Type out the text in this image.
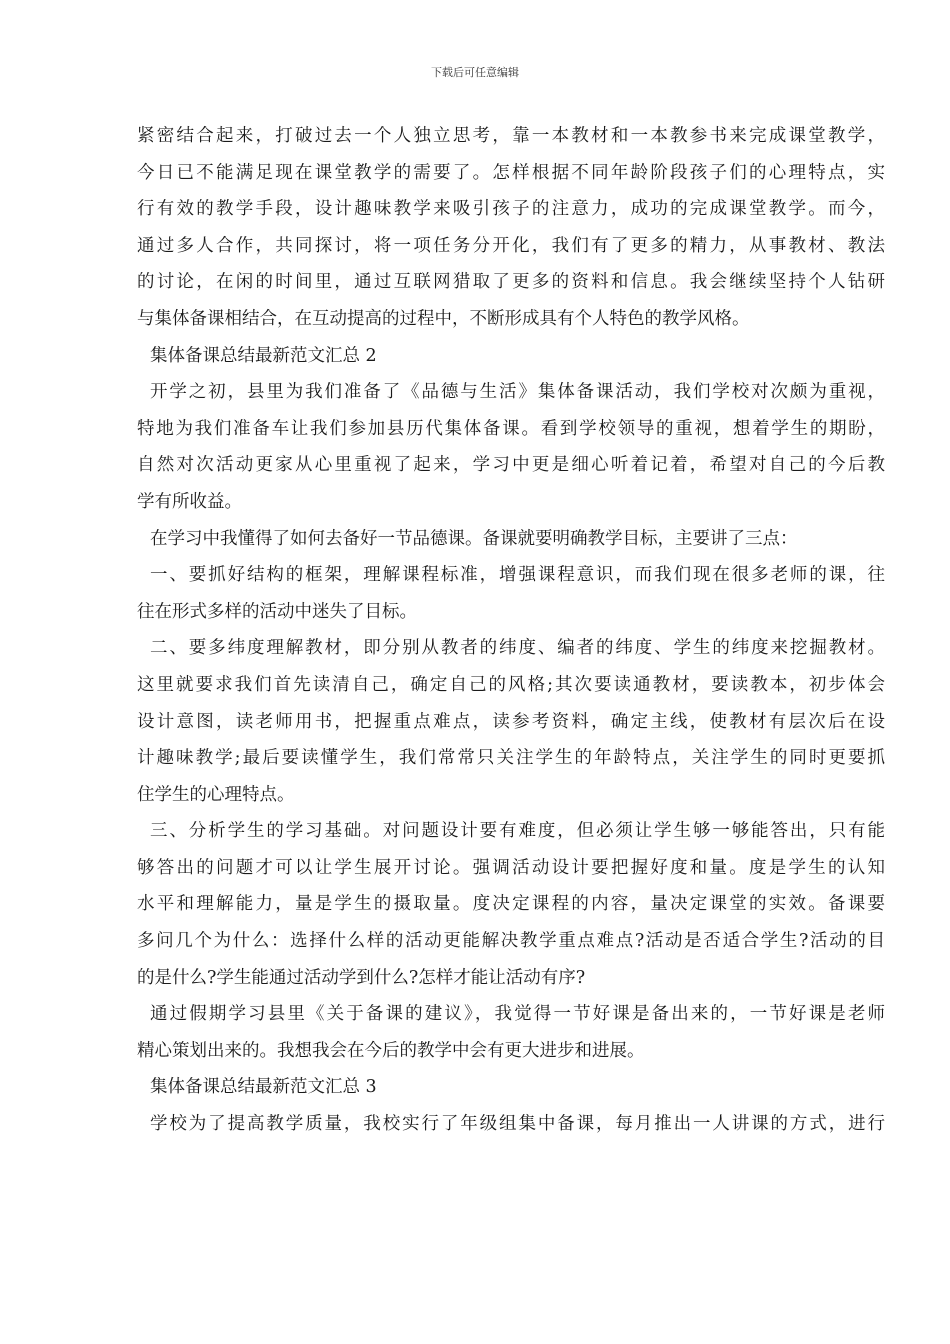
下载后可任意编辑
紧密结合起来，打破过去一个人独立思考，靠一本教材和一本教参书来完成课堂教学，
今日已不能满足现在课堂教学的需要了。怎样根据不同年龄阶段孩子们的心理特点，实
行有效的教学手段，设计趣味教学来吸引孩子的注意力，成功的完成课堂教学。而今，
通过多人合作，共同探讨，将一项任务分开化，我们有了更多的精力，从事教材、教法
的讨论，在闲的时间里，通过互联网猎取了更多的资料和信息。我会继续坚持个人钻研
与集体备课相结合，在互动提高的过程中，不断形成具有个人特色的教学风格。
集体备课总结最新范文汇总 2
开学之初，县里为我们准备了《品德与生活》集体备课活动，我们学校对次颇为重视，
特地为我们准备车让我们参加县历代集体备课。看到学校领导的重视，想着学生的期盼，
自然对次活动更家从心里重视了起来，学习中更是细心听着记着，希望对自己的今后教
学有所收益。
在学习中我懂得了如何去备好一节品德课。备课就要明确教学目标，主要讲了三点：
一、要抓好结构的框架，理解课程标准，增强课程意识，而我们现在很多老师的课，往
往在形式多样的活动中迷失了目标。
二、要多纬度理解教材，即分别从教者的纬度、编者的纬度、学生的纬度来挖掘教材。
这里就要求我们首先读清自己，确定自己的风格;其次要读通教材，要读教本，初步体会
设计意图，读老师用书，把握重点难点，读参考资料，确定主线，使教材有层次后在设
计趣味教学;最后要读懂学生，我们常常只关注学生的年龄特点，关注学生的同时更要抓
住学生的心理特点。
三、分析学生的学习基础。对问题设计要有难度，但必须让学生够一够能答出，只有能
够答出的问题才可以让学生展开讨论。强调活动设计要把握好度和量。度是学生的认知
水平和理解能力，量是学生的摄取量。度决定课程的内容，量决定课堂的实效。备课要
多问几个为什么：选择什么样的活动更能解决教学重点难点?活动是否适合学生?活动的目
的是什么?学生能通过活动学到什么?怎样才能让活动有序?
通过假期学习县里《关于备课的建议》，我觉得一节好课是备出来的，一节好课是老师
精心策划出来的。我想我会在今后的教学中会有更大进步和进展。
集体备课总结最新范文汇总 3
学校为了提高教学质量，我校实行了年级组集中备课，每月推出一人讲课的方式，进行
